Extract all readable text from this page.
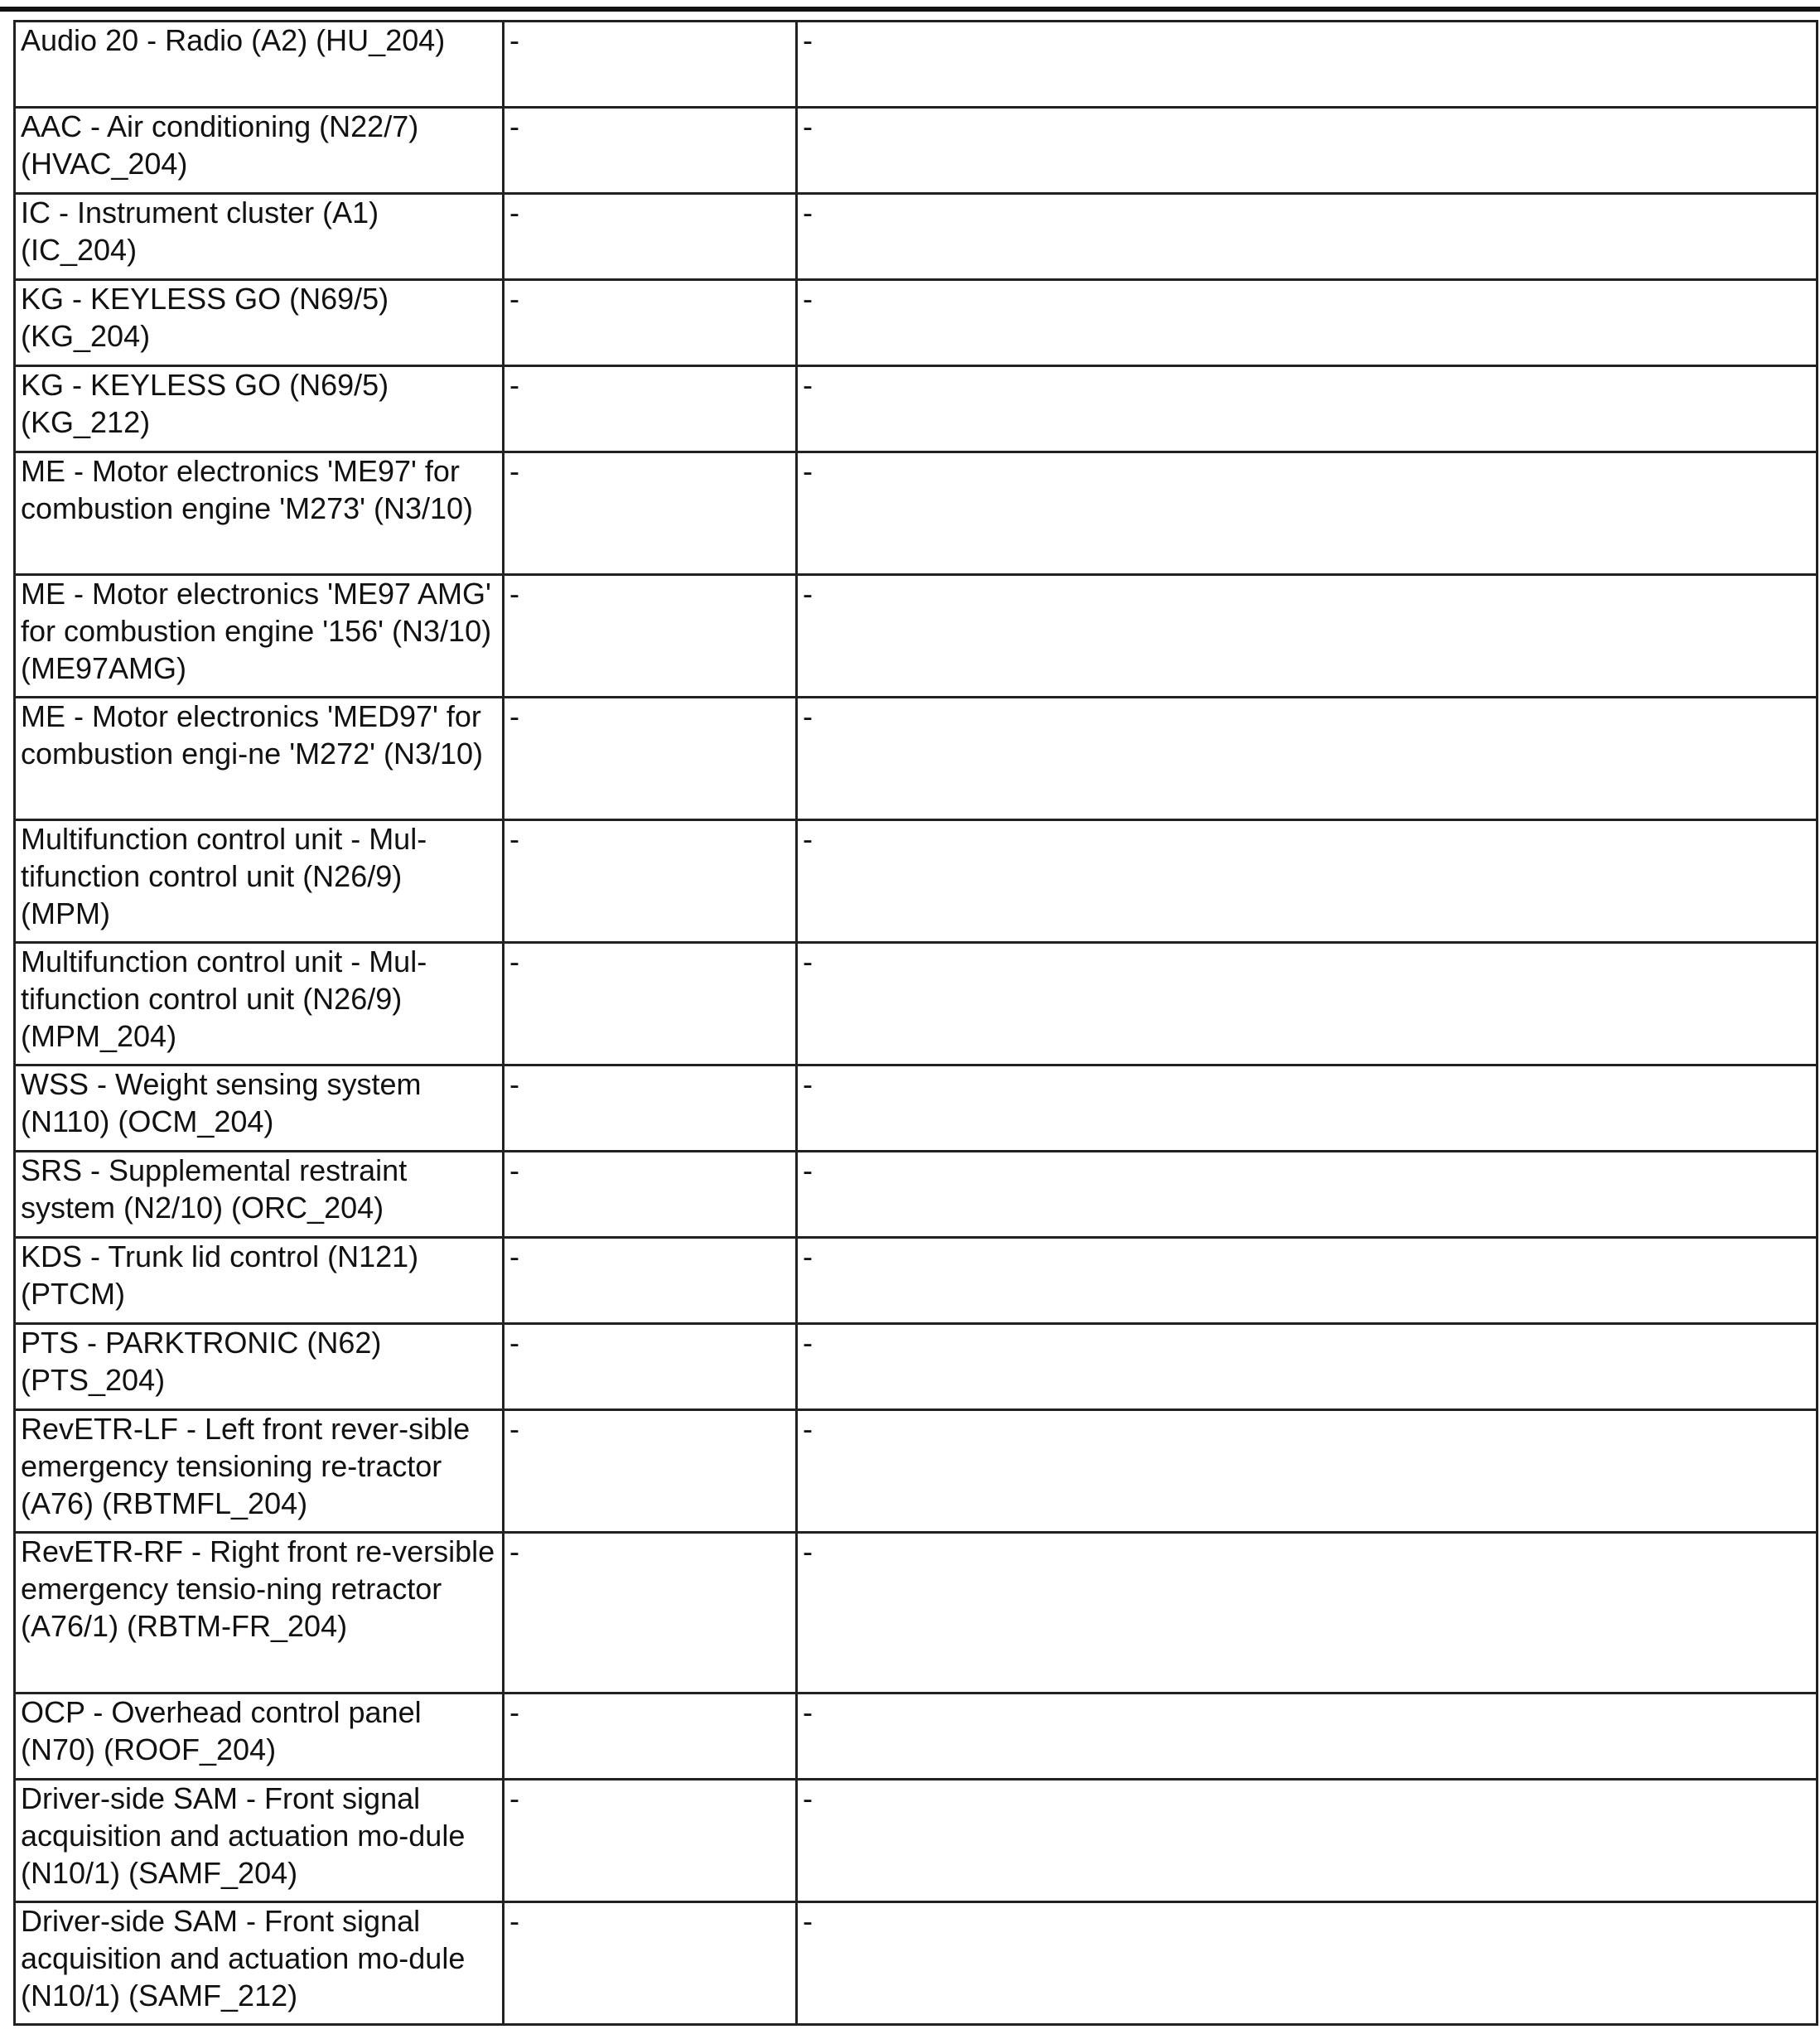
Audio 20 - Radio (A2) (HU_204)	-	-

AAC - Air conditioning (N22/7) (HVAC_204)	-	-

IC - Instrument cluster (A1) (IC_204)	-	-

KG - KEYLESS GO (N69/5) (KG_204)	-	-

KG - KEYLESS GO (N69/5) (KG_212)	-	-

ME - Motor electronics 'ME97' for combustion engine 'M273' (N3/10)	-	-

ME - Motor electronics 'ME97 AMG' for combustion engine '156' (N3/10) (ME97AMG)	-	-

ME - Motor electronics 'MED97' for combustion engi-ne 'M272' (N3/10)	-	-

Multifunction control unit - Mul-tifunction control unit (N26/9) (MPM)	-	-

Multifunction control unit - Mul-tifunction control unit (N26/9) (MPM_204)	-	-

WSS - Weight sensing system (N110) (OCM_204)	-	-

SRS - Supplemental restraint system (N2/10) (ORC_204)	-	-

KDS - Trunk lid control (N121) (PTCM)	-	-

PTS - PARKTRONIC (N62) (PTS_204)	-	-

RevETR-LF - Left front rever-sible emergency tensioning re-tractor (A76) (RBTMFL_204)	-	-

RevETR-RF - Right front re-versible emergency tensio-ning retractor (A76/1) (RBTM-FR_204)	-	-

OCP - Overhead control panel (N70) (ROOF_204)	-	-

Driver-side SAM - Front signal acquisition and actuation mo-dule (N10/1) (SAMF_204)	-	-

Driver-side SAM - Front signal acquisition and actuation mo-dule (N10/1) (SAMF_212)	-	-
